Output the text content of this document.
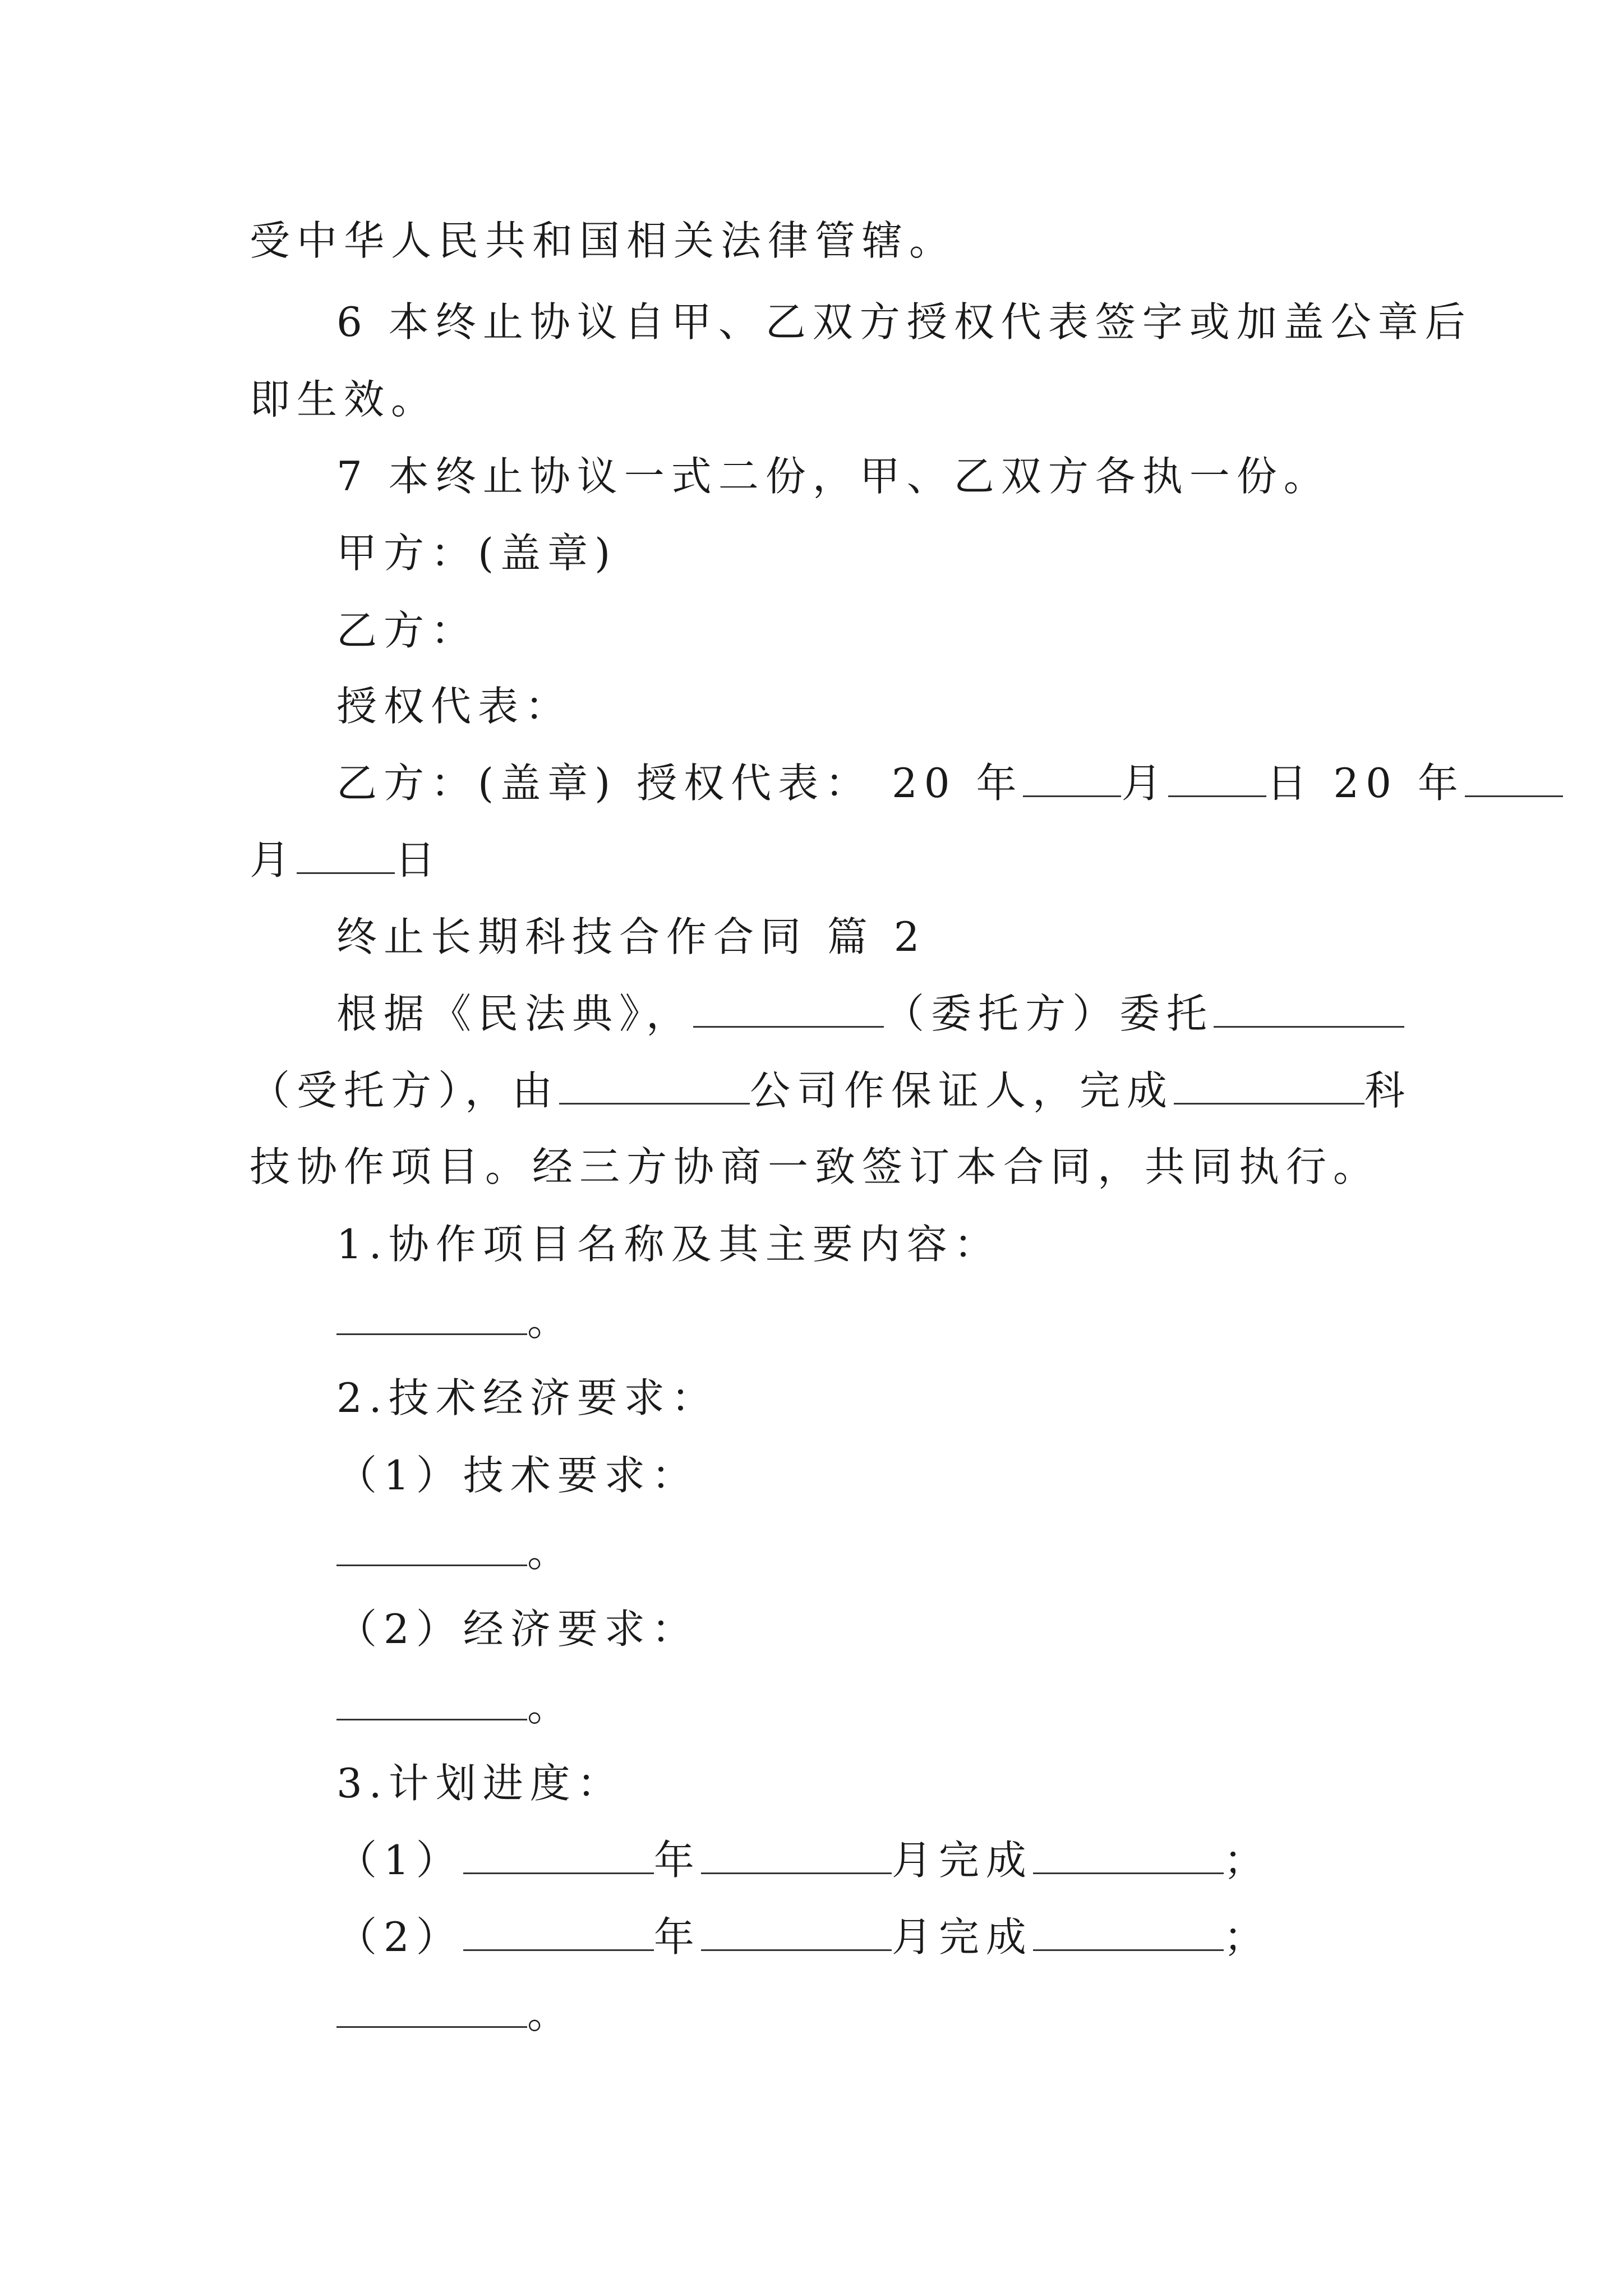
受中华人民共和国相关法律管辖。
6 本终止协议自甲、乙双方授权代表签字或加盖公章后
即生效。
7 本终止协议一式二份，甲、乙双方各执一份。
甲方：(盖章)
乙方：
授权代表：
乙方：(盖章) 授权代表： 20 年 月 日 20 年
月 日
终止长期科技合作合同 篇 2
根据《民法典》，	（委托方）委托
（受托方），由	公司作保证人，完成	科
技协作项目。经三方协商一致签订本合同，共同执行。
1.协作项目名称及其主要内容：
。
2.技术经济要求：
（1）技术要求：
。
（2）经济要求：
。
3.计划进度：
（1）	年	月完成	；
（2）	年	月完成	；
。
